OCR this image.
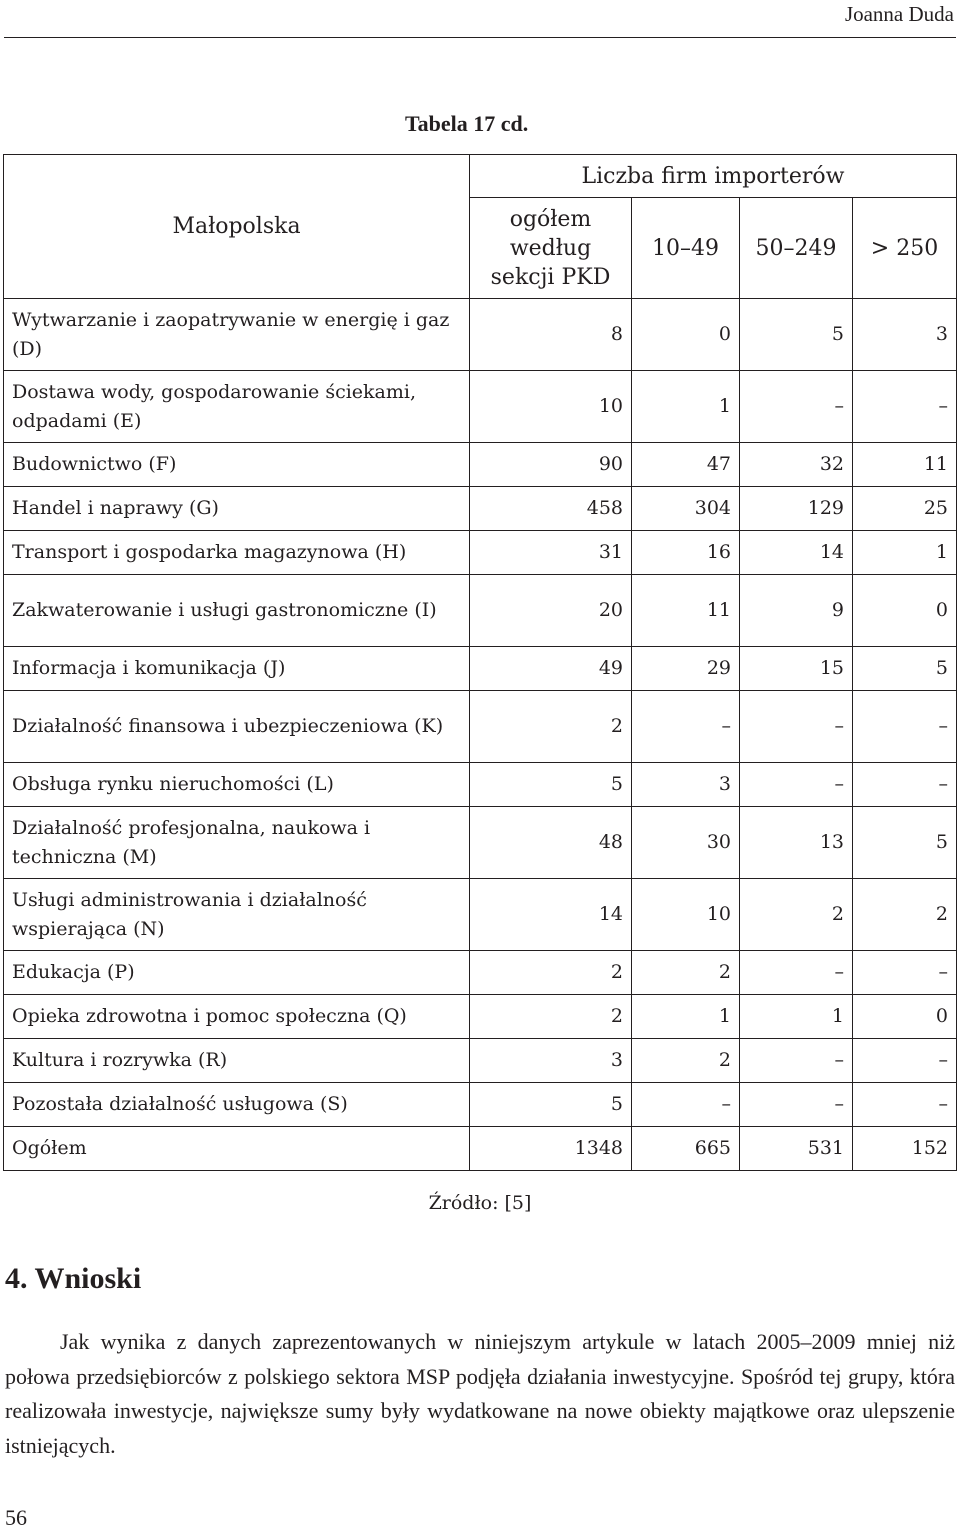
Joanna Duda
Tabela 17 cd.
Małopolska	Liczba firm importerów			
	ogółem według sekcji PKD	10–49	50–249	> 250
Wytwarzanie i zaopatrywanie w energię i gaz (D)	8	0	5	3
Dostawa wody, gospodarowanie ściekami, odpadami (E)	10	1	–	–
Budownictwo (F)	90	47	32	11
Handel i naprawy (G)	458	304	129	25
Transport i gospodarka magazynowa (H)	31	16	14	1
Zakwaterowanie i usługi gastronomiczne (I)	20	11	9	0
Informacja i komunikacja (J)	49	29	15	5
Działalność finansowa i ubezpieczeniowa (K)	2	–	–	–
Obsługa rynku nieruchomości (L)	5	3	–	–
Działalność profesjonalna, naukowa i techniczna (M)	48	30	13	5
Usługi administrowania i działalność wspierająca (N)	14	10	2	2
Edukacja (P)	2	2	–	–
Opieka zdrowotna i pomoc społeczna (Q)	2	1	1	0
Kultura i rozrywka (R)	3	2	–	–
Pozostała działalność usługowa (S)	5	–	–	–
Ogółem	1348	665	531	152
Źródło: [5]
4. Wnioski
Jak wynika z danych zaprezentowanych w niniejszym artykule w latach 2005–2009 mniej niż połowa przedsiębiorców z polskiego sektora MSP podjęła działania inwestycyjne. Spośród tej grupy, która realizowała inwestycje, największe sumy były wydatkowane na nowe obiekty majątkowe oraz ulepszenie istniejących.
56
